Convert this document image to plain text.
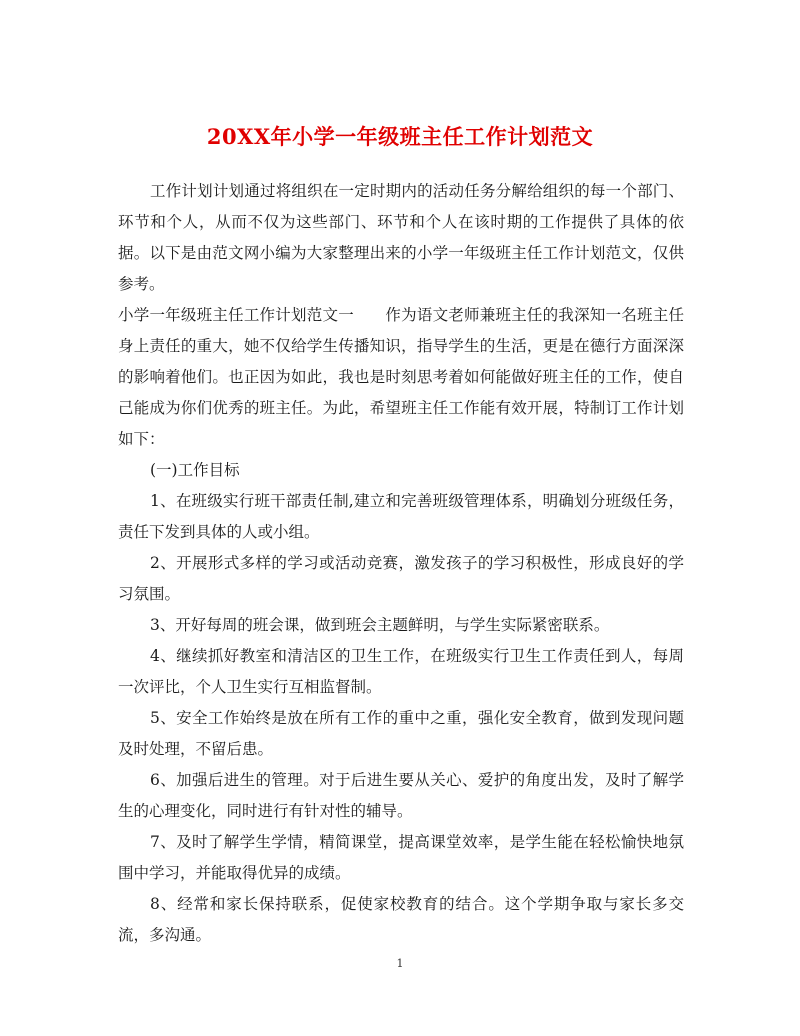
20XX年小学一年级班主任工作计划范文

工作计划计划通过将组织在一定时期内的活动任务分解给组织的每一个部门、环节和个人，从而不仅为这些部门、环节和个人在该时期的工作提供了具体的依据。以下是由范文网小编为大家整理出来的小学一年级班主任工作计划范文，仅供参考。

小学一年级班主任工作计划范文一　　作为语文老师兼班主任的我深知一名班主任身上责任的重大，她不仅给学生传播知识，指导学生的生活，更是在德行方面深深的影响着他们。也正因为如此，我也是时刻思考着如何能做好班主任的工作，使自己能成为你们优秀的班主任。为此，希望班主任工作能有效开展，特制订工作计划如下：

(一)工作目标

1、在班级实行班干部责任制,建立和完善班级管理体系，明确划分班级任务，责任下发到具体的人或小组。

2、开展形式多样的学习或活动竞赛，激发孩子的学习积极性，形成良好的学习氛围。

3、开好每周的班会课，做到班会主题鲜明，与学生实际紧密联系。

4、继续抓好教室和清洁区的卫生工作，在班级实行卫生工作责任到人，每周一次评比，个人卫生实行互相监督制。

5、安全工作始终是放在所有工作的重中之重，强化安全教育，做到发现问题及时处理，不留后患。

6、加强后进生的管理。对于后进生要从关心、爱护的角度出发，及时了解学生的心理变化，同时进行有针对性的辅导。

7、及时了解学生学情，精简课堂，提高课堂效率，是学生能在轻松愉快地氛围中学习，并能取得优异的成绩。

8、经常和家长保持联系，促使家校教育的结合。这个学期争取与家长多交流，多沟通。

1
